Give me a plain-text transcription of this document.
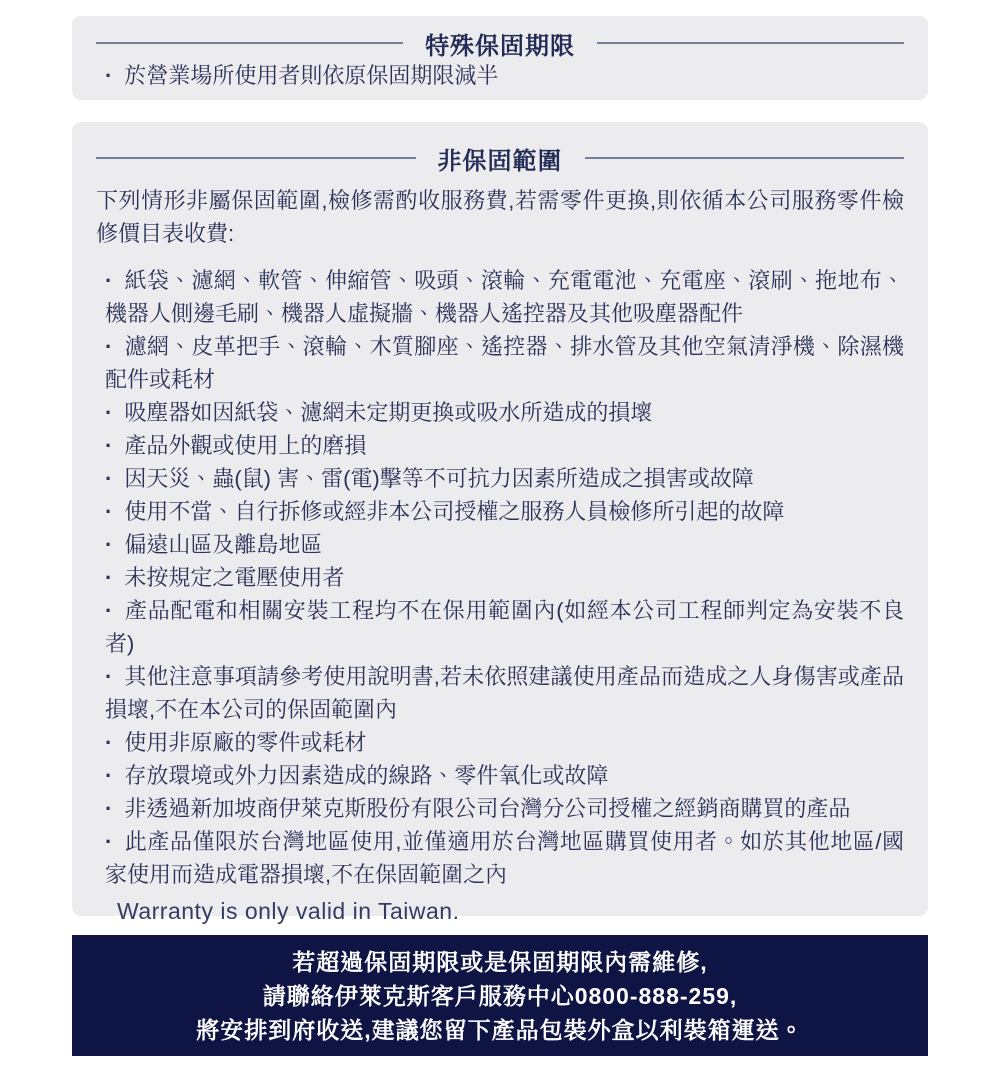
特殊保固期限
· 於營業場所使用者則依原保固期限減半
非保固範圍

下列情形非屬保固範圍,檢修需酌收服務費,若需零件更換,則依循本公司服務零件檢修價目表收費:

· 紙袋、濾網、軟管、伸縮管、吸頭、滾輪、充電電池、充電座、滾刷、拖地布、機器人側邊毛刷、機器人虛擬牆、機器人遙控器及其他吸塵器配件
· 濾網、皮革把手、滾輪、木質腳座、遙控器、排水管及其他空氣清淨機、除濕機配件或耗材
· 吸塵器如因紙袋、濾網未定期更換或吸水所造成的損壞
· 產品外觀或使用上的磨損
· 因天災、蟲(鼠) 害、雷(電)擊等不可抗力因素所造成之損害或故障
· 使用不當、自行拆修或經非本公司授權之服務人員檢修所引起的故障
· 偏遠山區及離島地區
· 未按規定之電壓使用者
· 產品配電和相關安裝工程均不在保用範圍內(如經本公司工程師判定為安裝不良者)
· 其他注意事項請參考使用說明書,若未依照建議使用產品而造成之人身傷害或產品損壞,不在本公司的保固範圍內
· 使用非原廠的零件或耗材
· 存放環境或外力因素造成的線路、零件氧化或故障
· 非透過新加坡商伊萊克斯股份有限公司台灣分公司授權之經銷商購買的產品
· 此產品僅限於台灣地區使用,並僅適用於台灣地區購買使用者。如於其他地區/國家使用而造成電器損壞,不在保固範圍之內

Warranty is only valid in Taiwan.

若超過保固期限或是保固期限內需維修,
請聯絡伊萊克斯客戶服務中心0800-888-259,
將安排到府收送,建議您留下產品包裝外盒以利裝箱運送。
